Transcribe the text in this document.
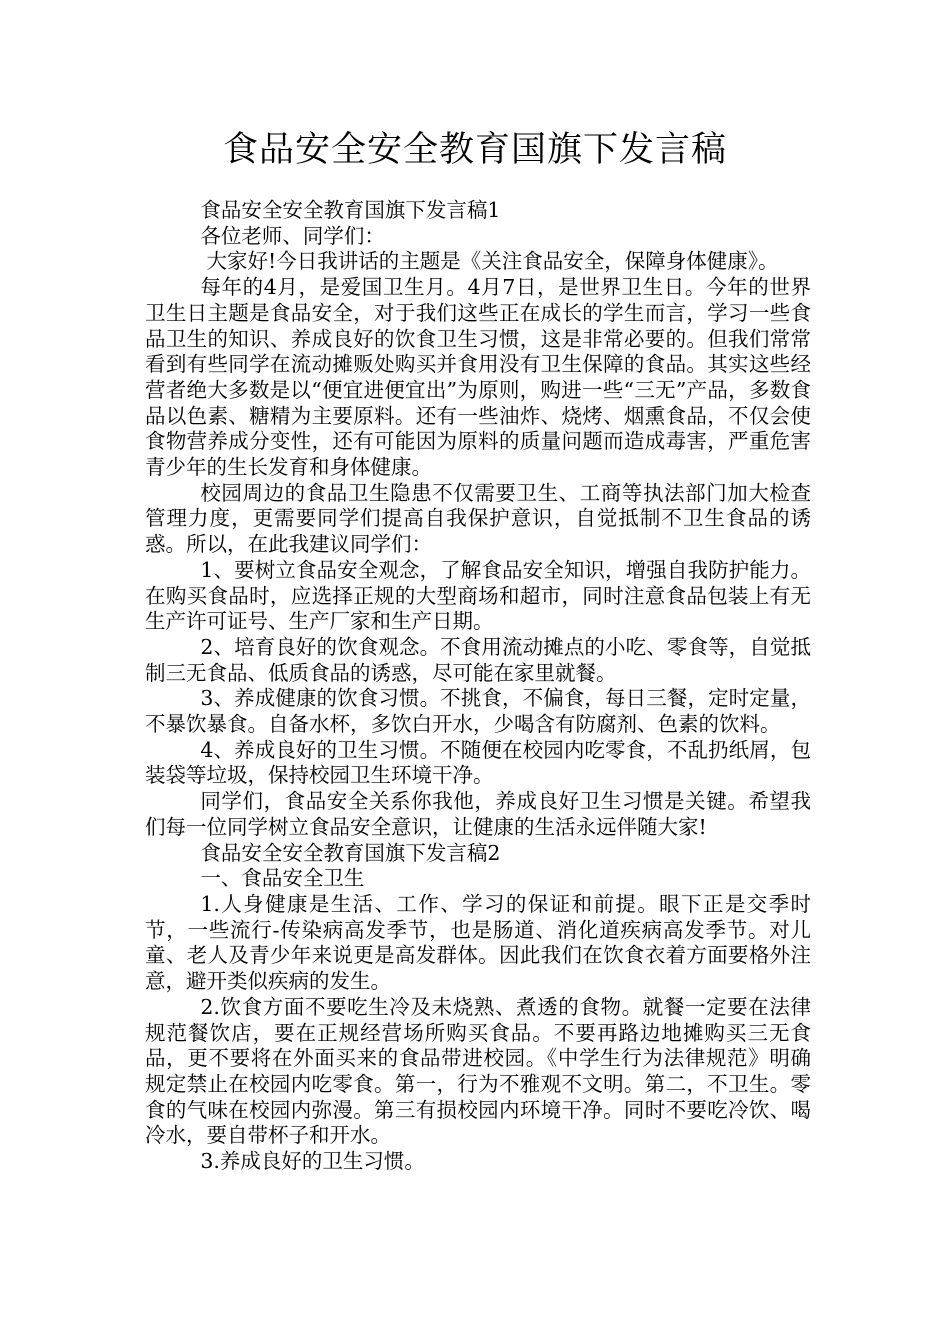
食品安全安全教育国旗下发言稿

食品安全安全教育国旗下发言稿1

各位老师、同学们：

大家好!今日我讲话的主题是《关注食品安全，保障身体健康》。

每年的4月，是爱国卫生月。4月7日，是世界卫生日。今年的世界卫生日主题是食品安全，对于我们这些正在成长的学生而言，学习一些食品卫生的知识、养成良好的饮食卫生习惯，这是非常必要的。但我们常常看到有些同学在流动摊贩处购买并食用没有卫生保障的食品。其实这些经营者绝大多数是以“便宜进便宜出”为原则，购进一些“三无”产品，多数食品以色素、糖精为主要原料。还有一些油炸、烧烤、烟熏食品，不仅会使食物营养成分变性，还有可能因为原料的质量问题而造成毒害，严重危害青少年的生长发育和身体健康。

校园周边的食品卫生隐患不仅需要卫生、工商等执法部门加大检查管理力度，更需要同学们提高自我保护意识，自觉抵制不卫生食品的诱惑。所以，在此我建议同学们：

1、要树立食品安全观念，了解食品安全知识，增强自我防护能力。在购买食品时，应选择正规的大型商场和超市，同时注意食品包装上有无生产许可证号、生产厂家和生产日期。

2、培育良好的饮食观念。不食用流动摊点的小吃、零食等，自觉抵制三无食品、低质食品的诱惑，尽可能在家里就餐。

3、养成健康的饮食习惯。不挑食，不偏食，每日三餐，定时定量，不暴饮暴食。自备水杯，多饮白开水，少喝含有防腐剂、色素的饮料。

4、养成良好的卫生习惯。不随便在校园内吃零食，不乱扔纸屑，包装袋等垃圾，保持校园卫生环境干净。

同学们，食品安全关系你我他，养成良好卫生习惯是关键。希望我们每一位同学树立食品安全意识，让健康的生活永远伴随大家!

食品安全安全教育国旗下发言稿2

一、食品安全卫生

1.人身健康是生活、工作、学习的保证和前提。眼下正是交季时节，一些流行-传染病高发季节，也是肠道、消化道疾病高发季节。对儿童、老人及青少年来说更是高发群体。因此我们在饮食衣着方面要格外注意，避开类似疾病的发生。

2.饮食方面不要吃生冷及未烧熟、煮透的食物。就餐一定要在法律规范餐饮店，要在正规经营场所购买食品。不要再路边地摊购买三无食品，更不要将在外面买来的食品带进校园。《中学生行为法律规范》明确规定禁止在校园内吃零食。第一，行为不雅观不文明。第二，不卫生。零食的气味在校园内弥漫。第三有损校园内环境干净。同时不要吃冷饮、喝冷水，要自带杯子和开水。

3.养成良好的卫生习惯。
